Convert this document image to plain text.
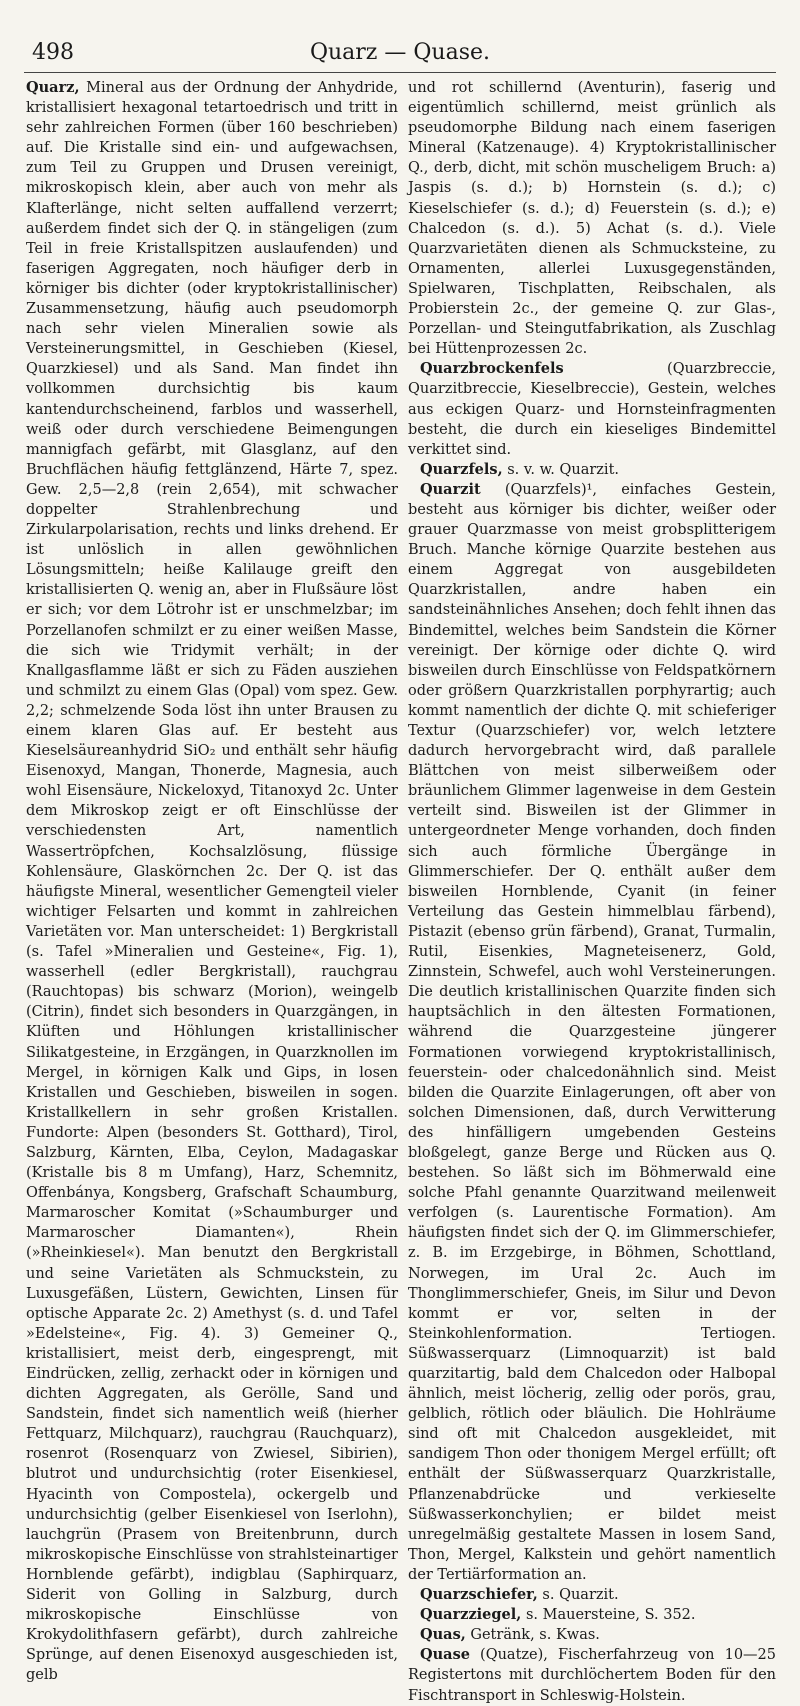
498	Quarz — Quase.

Quarz, Mineral aus der Ordnung der Anhydride, kristallisiert hexagonal tetartoedrisch und tritt in sehr zahlreichen Formen (über 160 beschrieben) auf. Die Kristalle sind ein- und aufgewachsen, zum Teil zu Gruppen und Drusen vereinigt, mikroskopisch klein, aber auch von mehr als Klafterlänge, nicht selten auffallend verzerrt; außerdem findet sich der Q. in stängeligen (zum Teil in freie Kristallspitzen auslaufenden) und faserigen Aggregaten, noch häufiger derb in körniger bis dichter (oder kryptokristallinischer) Zusammensetzung, häufig auch pseudomorph nach sehr vielen Mineralien sowie als Versteinerungsmittel, in Geschieben (Kiesel, Quarzkiesel) und als Sand. Man findet ihn vollkommen durchsichtig bis kaum kantendurchscheinend, farblos und wasserhell, weiß oder durch verschiedene Beimengungen mannigfach gefärbt, mit Glasglanz, auf den Bruchflächen häufig fettglänzend, Härte 7, spez. Gew. 2,5—2,8 (rein 2,654), mit schwacher doppelter Strahlenbrechung und Zirkularpolarisation, rechts und links drehend. Er ist unlöslich in allen gewöhnlichen Lösungsmitteln; heiße Kalilauge greift den kristallisierten Q. wenig an, aber in Flußsäure löst er sich; vor dem Lötrohr ist er unschmelzbar; im Porzellanofen schmilzt er zu einer weißen Masse, die sich wie Tridymit verhält; in der Knallgasflamme läßt er sich zu Fäden ausziehen und schmilzt zu einem Glas (Opal) vom spez. Gew. 2,2; schmelzende Soda löst ihn unter Brausen zu einem klaren Glas auf. Er besteht aus Kieselsäureanhydrid SiO₂ und enthält sehr häufig Eisenoxyd, Mangan, Thonerde, Magnesia, auch wohl Eisensäure, Nickeloxyd, Titanoxyd 2c. Unter dem Mikroskop zeigt er oft Einschlüsse der verschiedensten Art, namentlich Wassertröpfchen, Kochsalzlösung, flüssige Kohlensäure, Glaskörnchen 2c. Der Q. ist das häufigste Mineral, wesentlicher Gemengteil vieler wichtiger Felsarten und kommt in zahlreichen Varietäten vor. Man unterscheidet: 1) Bergkristall (s. Tafel »Mineralien und Gesteine«, Fig. 1), wasserhell (edler Bergkristall), rauchgrau (Rauchtopas) bis schwarz (Morion), weingelb (Citrin), findet sich besonders in Quarzgängen, in Klüften und Höhlungen kristallinischer Silikatgesteine, in Erzgängen, in Quarzknollen im Mergel, in körnigen Kalk und Gips, in losen Kristallen und Geschieben, bisweilen in sogen. Kristallkellern in sehr großen Kristallen. Fundorte: Alpen (besonders St. Gotthard), Tirol, Salzburg, Kärnten, Elba, Ceylon, Madagaskar (Kristalle bis 8 m Umfang), Harz, Schemnitz, Offenbánya, Kongsberg, Grafschaft Schaumburg, Marmaroscher Komitat (»Schaumburger und Marmaroscher Diamanten«), Rhein (»Rheinkiesel«). Man benutzt den Bergkristall und seine Varietäten als Schmuckstein, zu Luxusgefäßen, Lüstern, Gewichten, Linsen für optische Apparate 2c. 2) Amethyst (s. d. und Tafel »Edelsteine«, Fig. 4). 3) Gemeiner Q., kristallisiert, meist derb, eingesprengt, mit Eindrücken, zellig, zerhackt oder in körnigen und dichten Aggregaten, als Gerölle, Sand und Sandstein, findet sich namentlich weiß (hierher Fettquarz, Milchquarz), rauchgrau (Rauchquarz), rosenrot (Rosenquarz von Zwiesel, Sibirien), blutrot und undurchsichtig (roter Eisenkiesel, Hyacinth von Compostela), ockergelb und undurchsichtig (gelber Eisenkiesel von Iserlohn), lauchgrün (Prasem von Breitenbrunn, durch mikroskopische Einschlüsse von strahlsteinartiger Hornblende gefärbt), indigblau (Saphirquarz, Siderit von Golling in Salzburg, durch mikroskopische Einschlüsse von Krokydolithfasern gefärbt), durch zahlreiche Sprünge, auf denen Eisenoxyd ausgeschieden ist, gelb

und rot schillernd (Aventurin), faserig und eigentümlich schillernd, meist grünlich als pseudomorphe Bildung nach einem faserigen Mineral (Katzenauge). 4) Kryptokristallinischer Q., derb, dicht, mit schön muscheligem Bruch: a) Jaspis (s. d.); b) Hornstein (s. d.); c) Kieselschiefer (s. d.); d) Feuerstein (s. d.); e) Chalcedon (s. d.). 5) Achat (s. d.). Viele Quarzvarietäten dienen als Schmucksteine, zu Ornamenten, allerlei Luxusgegenständen, Spielwaren, Tischplatten, Reibschalen, als Probierstein 2c., der gemeine Q. zur Glas-, Porzellan- und Steingutfabrikation, als Zuschlag bei Hüttenprozessen 2c.

Quarzbrockenfels	(Quarzbreccie, Quarzitbreccie, Kieselbreccie), Gestein, welches aus eckigen Quarz- und Hornsteinfragmenten besteht, die durch ein kieseliges Bindemittel verkittet sind.

Quarzfels, s. v. w. Quarzit.

Quarzit (Quarzfels)¹, einfaches Gestein, besteht aus körniger bis dichter, weißer oder grauer Quarzmasse von meist grobsplitterigem Bruch. Manche körnige Quarzite bestehen aus einem Aggregat von ausgebildeten Quarzkristallen, andre haben ein sandsteinähnliches Ansehen; doch fehlt ihnen das Bindemittel, welches beim Sandstein die Körner vereinigt. Der körnige oder dichte Q. wird bisweilen durch Einschlüsse von Feldspatkörnern oder größern Quarzkristallen porphyrartig; auch kommt namentlich der dichte Q. mit schieferiger Textur (Quarzschiefer) vor, welch letztere dadurch hervorgebracht wird, daß parallele Blättchen von meist silberweißem oder bräunlichem Glimmer lagenweise in dem Gestein verteilt sind. Bisweilen ist der Glimmer in untergeordneter Menge vorhanden, doch finden sich auch förmliche Übergänge in Glimmerschiefer. Der Q. enthält außer dem bisweilen Hornblende, Cyanit (in feiner Verteilung das Gestein himmelblau färbend), Pistazit (ebenso grün färbend), Granat, Turmalin, Rutil, Eisenkies, Magneteisenerz, Gold, Zinnstein, Schwefel, auch wohl Versteinerungen. Die deutlich kristallinischen Quarzite finden sich hauptsächlich in den ältesten Formationen, während die Quarzgesteine jüngerer Formationen vorwiegend kryptokristallinisch, feuerstein- oder chalcedonähnlich sind. Meist bilden die Quarzite Einlagerungen, oft aber von solchen Dimensionen, daß, durch Verwitterung des hinfälligern umgebenden Gesteins bloßgelegt, ganze Berge und Rücken aus Q. bestehen. So läßt sich im Böhmerwald eine solche Pfahl genannte Quarzitwand meilenweit verfolgen (s. Laurentische Formation). Am häufigsten findet sich der Q. im Glimmerschiefer, z. B. im Erzgebirge, in Böhmen, Schottland, Norwegen, im Ural 2c. Auch im Thonglimmerschiefer, Gneis, im Silur und Devon kommt er vor, selten in der Steinkohlenformation. Tertiogen. Süßwasserquarz (Limnoquarzit) ist bald quarzitartig, bald dem Chalcedon oder Halbopal ähnlich, meist löcherig, zellig oder porös, grau, gelblich, rötlich oder bläulich. Die Hohlräume sind oft mit Chalcedon ausgekleidet, mit sandigem Thon oder thonigem Mergel erfüllt; oft enthält der Süßwasserquarz Quarzkristalle, Pflanzenabdrücke und verkieselte Süßwasserkonchylien; er bildet meist unregelmäßig gestaltete Massen in losem Sand, Thon, Mergel, Kalkstein und gehört namentlich der Tertiärformation an.

Quarzschiefer, s. Quarzit.

Quarzziegel, s. Mauersteine, S. 352.

Quas, Getränk, s. Kwas.

Quase (Quatze), Fischerfahrzeug von 10—25 Registertons mit durchlöchertem Boden für den Fischtransport in Schleswig-Holstein.
